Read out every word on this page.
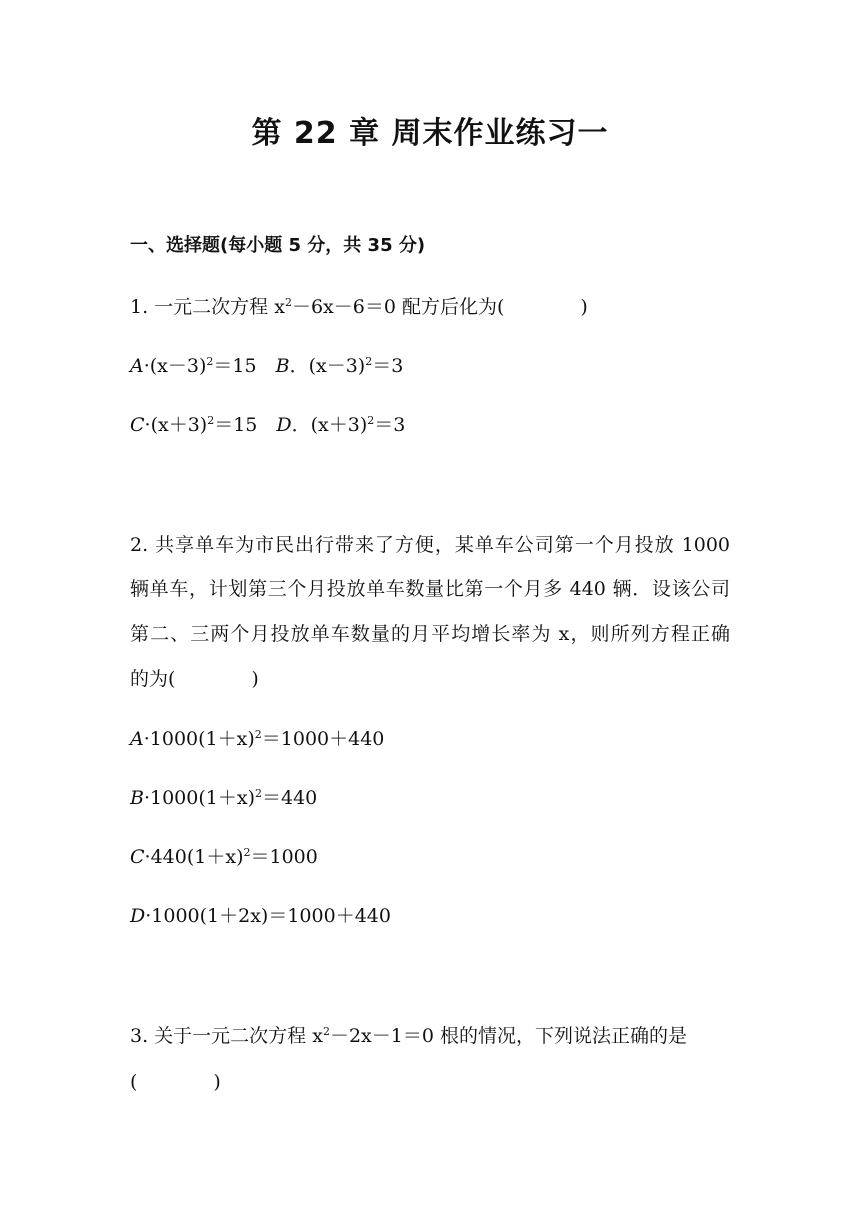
第 22 章 周末作业练习一
一、选择题(每小题 5 分，共 35 分)
1. 一元二次方程 $x^2-6x-6=0$ 配方后化为(　　　　)
$A\cdot(x-3)^2=15$　B．$(x-3)^2=3$
$C\cdot(x+3)^2=15$　D．$(x+3)^2=3$
2. 共享单车为市民出行带来了方便，某单车公司第一个月投放 1000
辆单车，计划第三个月投放单车数量比第一个月多 440 辆．设该公司
第二、三两个月投放单车数量的月平均增长率为 x，则所列方程正确
的为(　　　　)
$A\cdot 1000(1+x)^2=1000+440$
$B\cdot 1000(1+x)^2=440$
$C\cdot 440(1+x)^2=1000$
D·1000(1＋2x)＝1000＋440
3. 关于一元二次方程 $x^2-2x-1=0$ 根的情况，下列说法正确的是
(　　　　)
